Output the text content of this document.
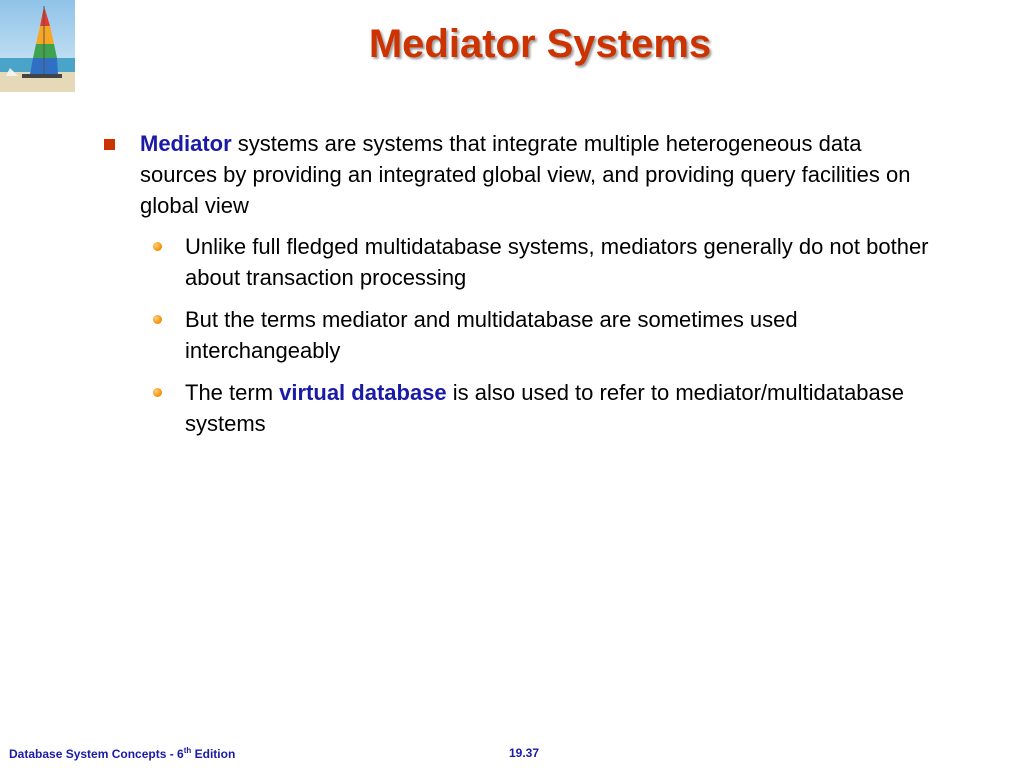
Mediator Systems
Mediator systems are systems that integrate multiple heterogeneous data sources by providing an integrated global view, and providing query facilities on global view
Unlike full fledged multidatabase systems, mediators generally do not bother about transaction processing
But the terms mediator and multidatabase are sometimes used interchangeably
The term virtual database is also used to refer to mediator/multidatabase systems
Database System Concepts - 6th Edition	19.37
